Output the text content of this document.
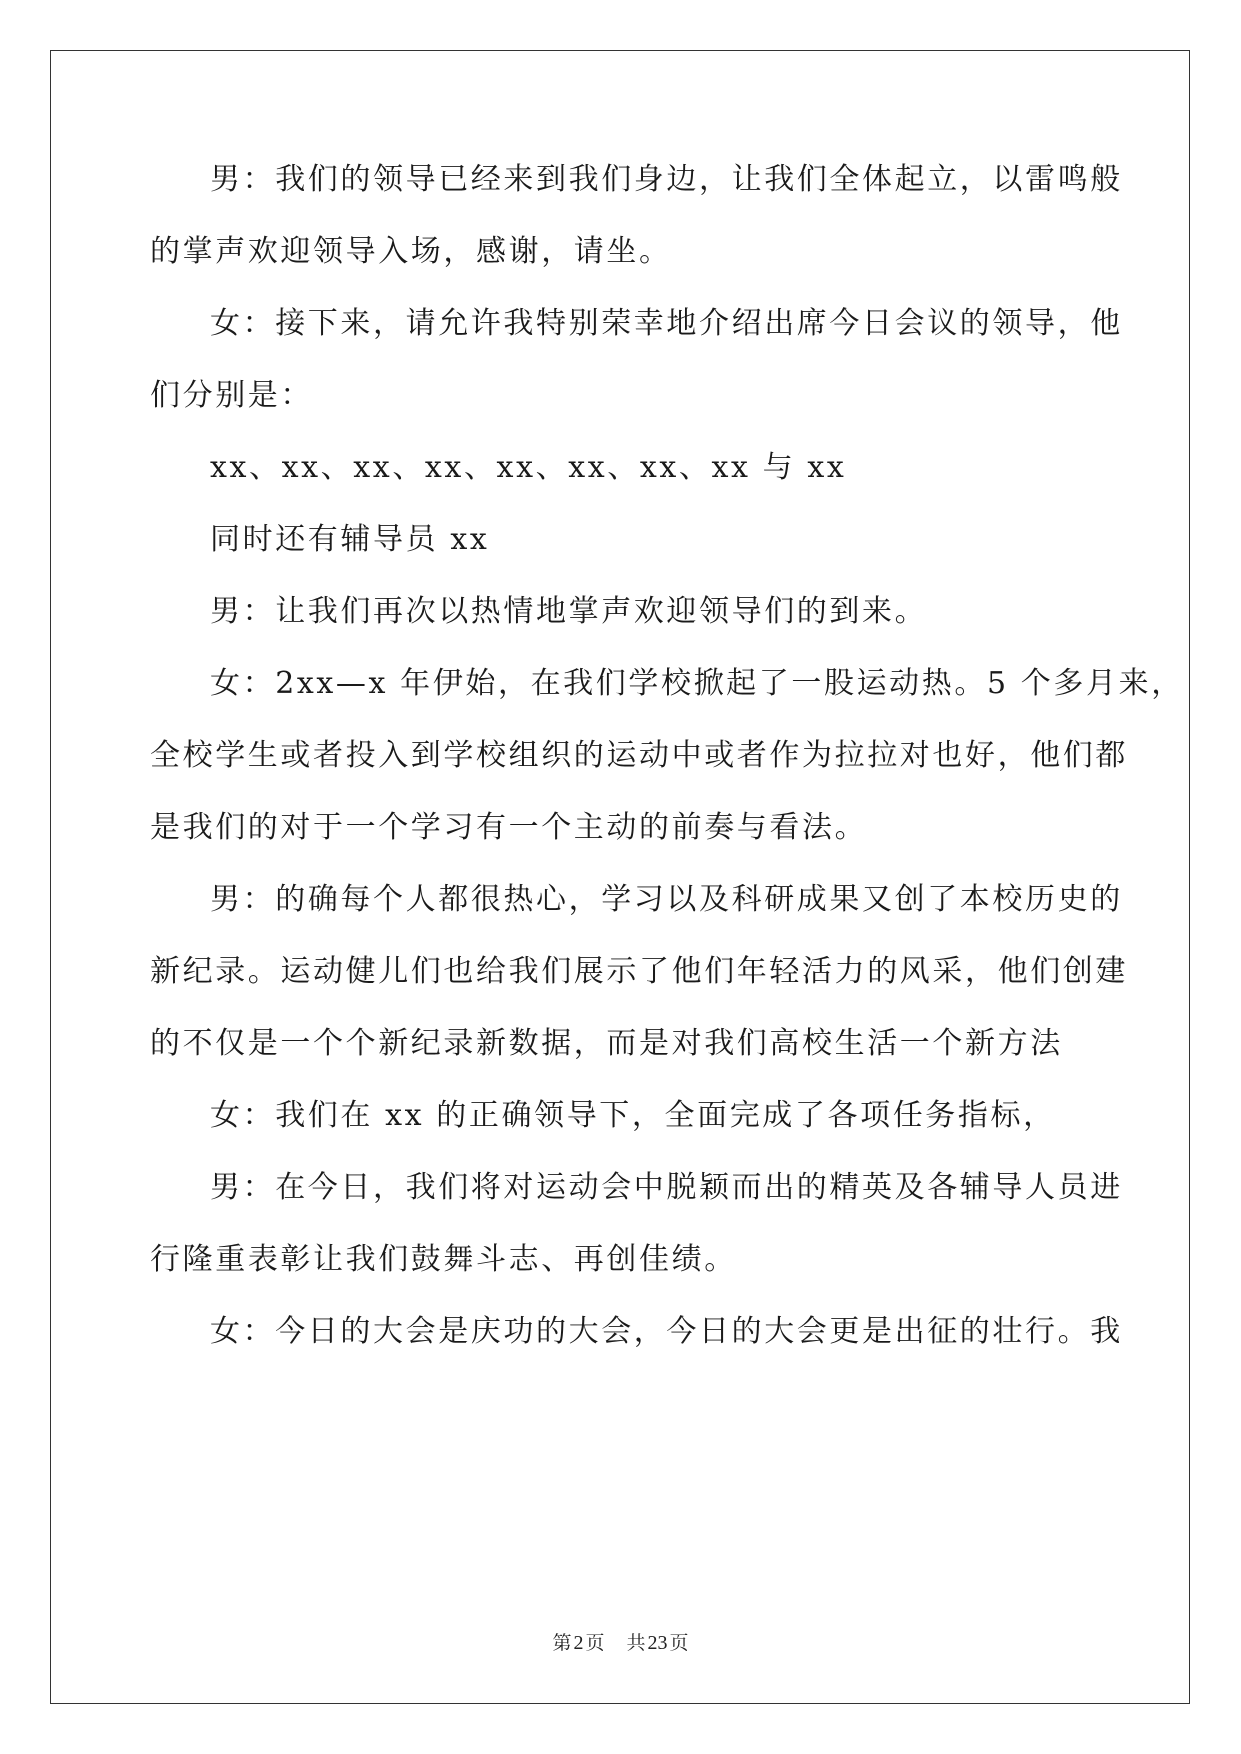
男：我们的领导已经来到我们身边，让我们全体起立，以雷鸣般
的掌声欢迎领导入场，感谢，请坐。
女：接下来，请允许我特别荣幸地介绍出席今日会议的领导，他
们分别是：
xx、xx、xx、xx、xx、xx、xx、xx 与 xx
同时还有辅导员 xx
男：让我们再次以热情地掌声欢迎领导们的到来。
女：2xx—x 年伊始，在我们学校掀起了一股运动热。5 个多月来，
全校学生或者投入到学校组织的运动中或者作为拉拉对也好，他们都
是我们的对于一个学习有一个主动的前奏与看法。
男：的确每个人都很热心，学习以及科研成果又创了本校历史的
新纪录。运动健儿们也给我们展示了他们年轻活力的风采，他们创建
的不仅是一个个新纪录新数据，而是对我们高校生活一个新方法
女：我们在 xx 的正确领导下，全面完成了各项任务指标，
男：在今日，我们将对运动会中脱颖而出的精英及各辅导人员进
行隆重表彰让我们鼓舞斗志、再创佳绩。
女：今日的大会是庆功的大会，今日的大会更是出征的壮行。我
第 2 页 共 23 页
